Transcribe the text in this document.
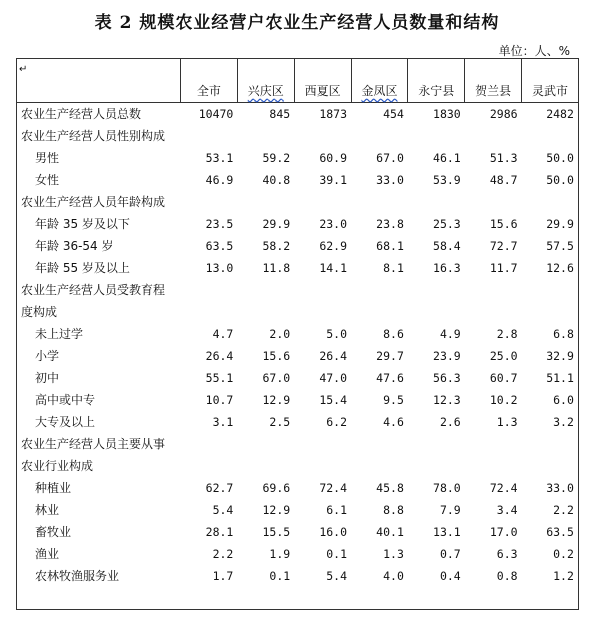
表 2 规模农业经营户农业生产经营人员数量和结构
单位：人、%
↵	全市	兴庆区	西夏区	金凤区	永宁县	贺兰县	灵武市
农业生产经营人员总数	10470	845	1873	454	1830	2986	2482
农业生产经营人员性别构成							
男性	53.1	59.2	60.9	67.0	46.1	51.3	50.0
女性	46.9	40.8	39.1	33.0	53.9	48.7	50.0
农业生产经营人员年龄构成							
年龄 35 岁及以下	23.5	29.9	23.0	23.8	25.3	15.6	29.9
年龄 36-54 岁	63.5	58.2	62.9	68.1	58.4	72.7	57.5
年龄 55 岁及以上	13.0	11.8	14.1	8.1	16.3	11.7	12.6
农业生产经营人员受教育程							
度构成							
未上过学	4.7	2.0	5.0	8.6	4.9	2.8	6.8
小学	26.4	15.6	26.4	29.7	23.9	25.0	32.9
初中	55.1	67.0	47.0	47.6	56.3	60.7	51.1
高中或中专	10.7	12.9	15.4	9.5	12.3	10.2	6.0
大专及以上	3.1	2.5	6.2	4.6	2.6	1.3	3.2
农业生产经营人员主要从事							
农业行业构成							
种植业	62.7	69.6	72.4	45.8	78.0	72.4	33.0
林业	5.4	12.9	6.1	8.8	7.9	3.4	2.2
畜牧业	28.1	15.5	16.0	40.1	13.1	17.0	63.5
渔业	2.2	1.9	0.1	1.3	0.7	6.3	0.2
农林牧渔服务业	1.7	0.1	5.4	4.0	0.4	0.8	1.2
